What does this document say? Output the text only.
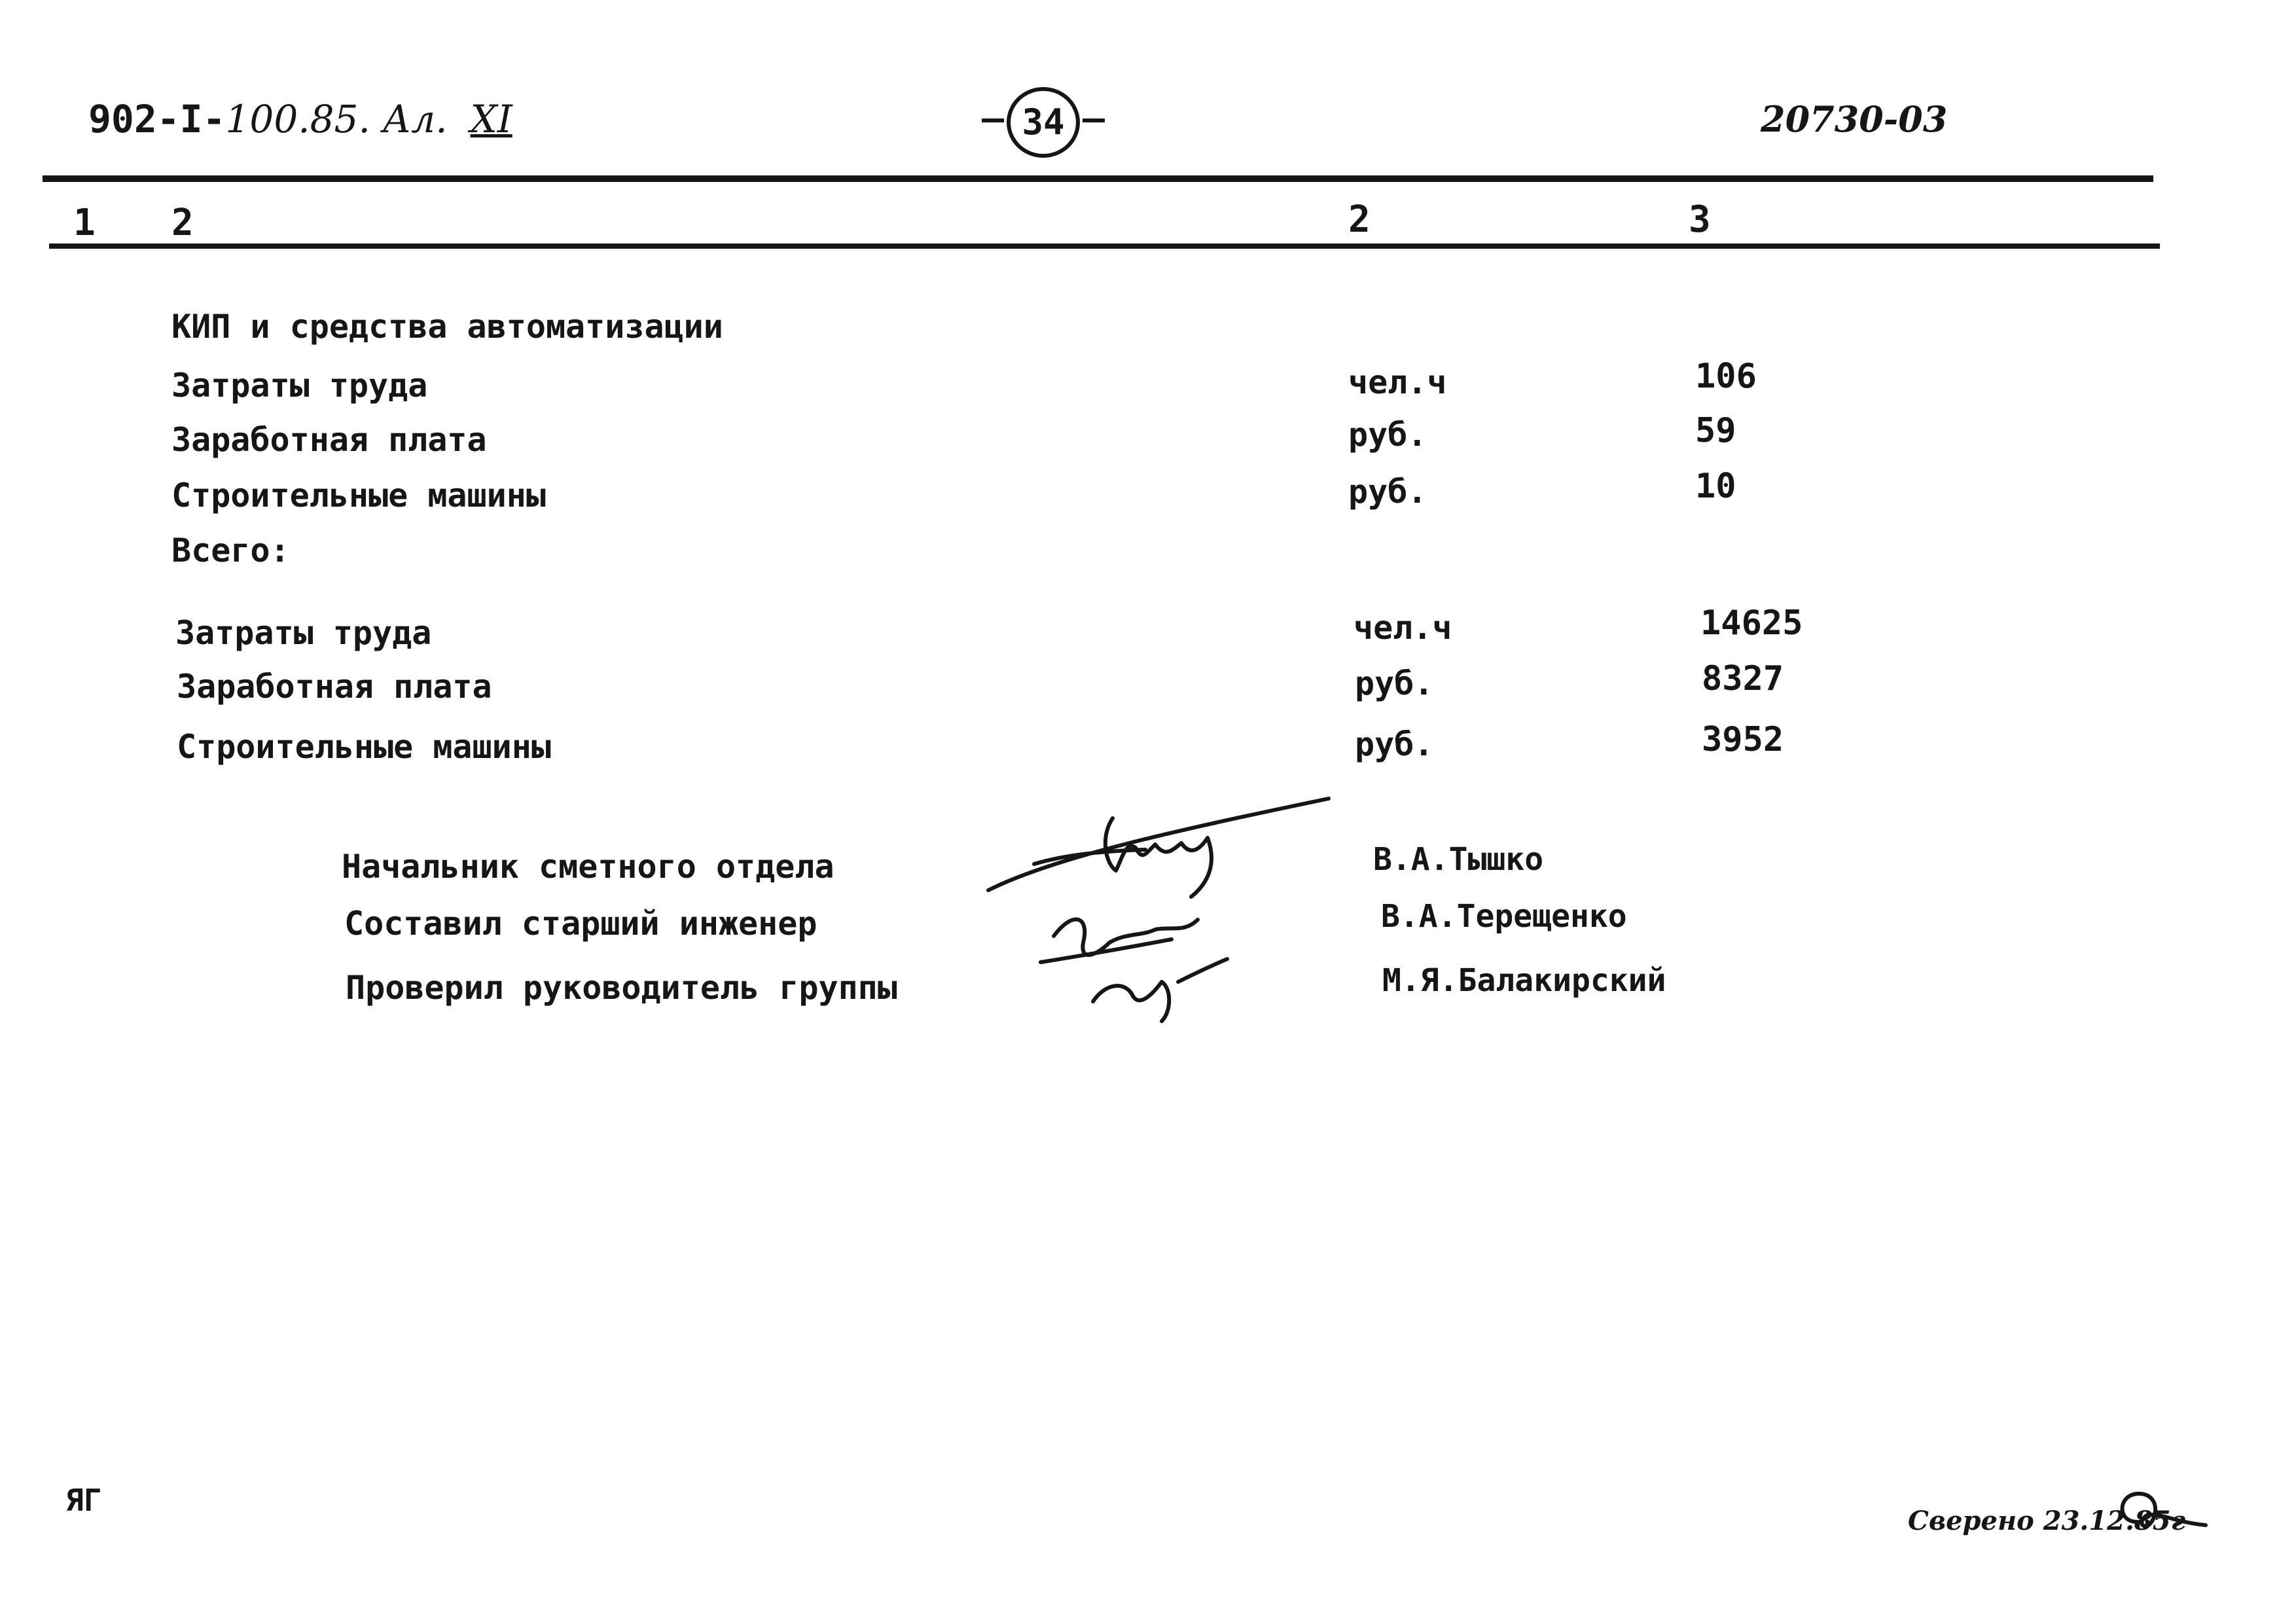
902-I-100.85. Ал. XI	34	20730-03
1 2	2	3
КИП и средства автоматизации
Затраты труда	чел.ч	106
Заработная плата	руб.	59
Строительные машины	руб.	10
Всего:
Затраты труда	чел.ч	14625
Заработная плата	руб.	8327
Строительные машины	руб.	3952
Начальник сметного отдела	В.А.Тышко
Составил старший инженер	В.А.Терещенко
Проверил руководитель группы	М.Я.Балакирский
ЯГ
Сверено 23.12.85г
